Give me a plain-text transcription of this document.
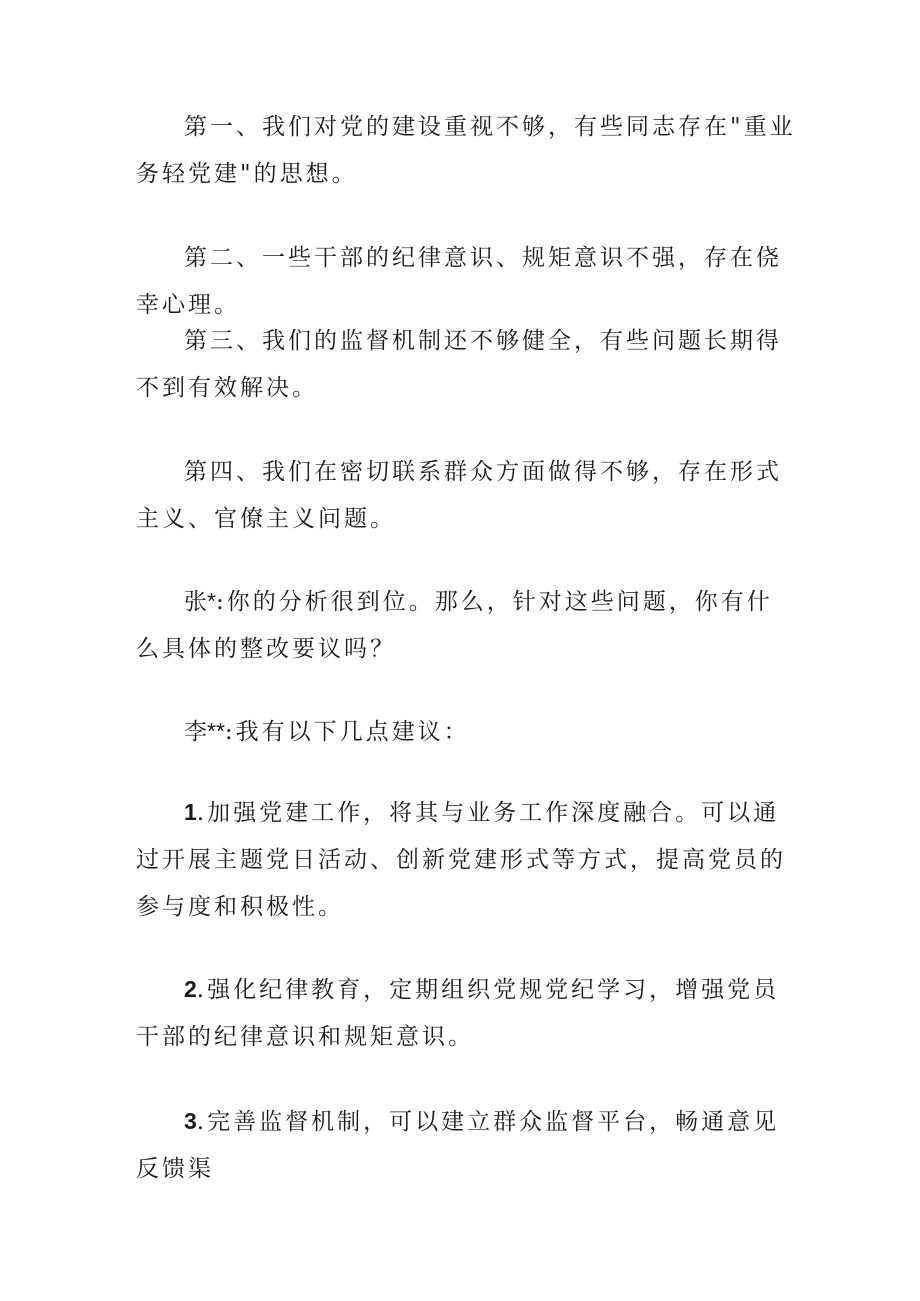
第一、我们对党的建设重视不够，有些同志存在"重业务轻党建"的思想。

第二、一些干部的纪律意识、规矩意识不强，存在侥幸心理。

第三、我们的监督机制还不够健全，有些问题长期得不到有效解决。

第四、我们在密切联系群众方面做得不够，存在形式主义、官僚主义问题。

张*:你的分析很到位。那么，针对这些问题，你有什么具体的整改要议吗？

李**:我有以下几点建议：

1.加强党建工作，将其与业务工作深度融合。可以通过开展主题党日活动、创新党建形式等方式，提高党员的参与度和积极性。

2.强化纪律教育，定期组织党规党纪学习，增强党员干部的纪律意识和规矩意识。

3.完善监督机制，可以建立群众监督平台，畅通意见反馈渠
